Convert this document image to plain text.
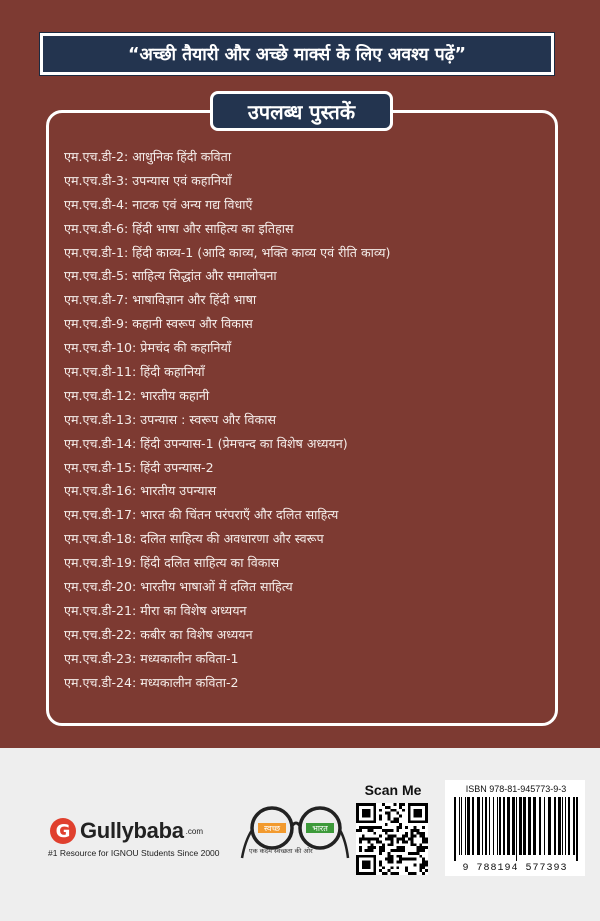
“अच्छी तैयारी और अच्छे मार्क्स के लिए अवश्य पढ़ें”
उपलब्ध पुस्तकें
एम.एच.डी-2: आधुनिक हिंदी कविता
एम.एच.डी-3: उपन्यास एवं कहानियाँ
एम.एच.डी-4: नाटक एवं अन्य गद्य विधाएँ
एम.एच.डी-6: हिंदी भाषा और साहित्य का इतिहास
एम.एच.डी-1: हिंदी काव्य-1 (आदि काव्य, भक्ति काव्य एवं रीति काव्य)
एम.एच.डी-5: साहित्य सिद्धांत और समालोचना
एम.एच.डी-7: भाषाविज्ञान और हिंदी भाषा
एम.एच.डी-9: कहानी स्वरूप और विकास
एम.एच.डी-10: प्रेमचंद की कहानियाँ
एम.एच.डी-11: हिंदी कहानियाँ
एम.एच.डी-12: भारतीय कहानी
एम.एच.डी-13: उपन्यास : स्वरूप और विकास
एम.एच.डी-14: हिंदी उपन्यास-1 (प्रेमचन्द का विशेष अध्ययन)
एम.एच.डी-15: हिंदी उपन्यास-2
एम.एच.डी-16: भारतीय उपन्यास
एम.एच.डी-17: भारत की चिंतन परंपराएँ और दलित साहित्य
एम.एच.डी-18: दलित साहित्य की अवधारणा और स्वरूप
एम.एच.डी-19: हिंदी दलित साहित्य का विकास
एम.एच.डी-20: भारतीय भाषाओं में दलित साहित्य
एम.एच.डी-21: मीरा का विशेष अध्ययन
एम.एच.डी-22: कबीर का विशेष अध्ययन
एम.एच.डी-23: मध्यकालीन कविता-1
एम.एच.डी-24: मध्यकालीन कविता-2
G Gullybaba .com
#1 Resource for IGNOU Students Since 2000
स्वच्छ	भारत
एक कदम स्वच्छता की ओर
Scan Me	ISBN 978-81-945773-9-3
9 788194 577393
